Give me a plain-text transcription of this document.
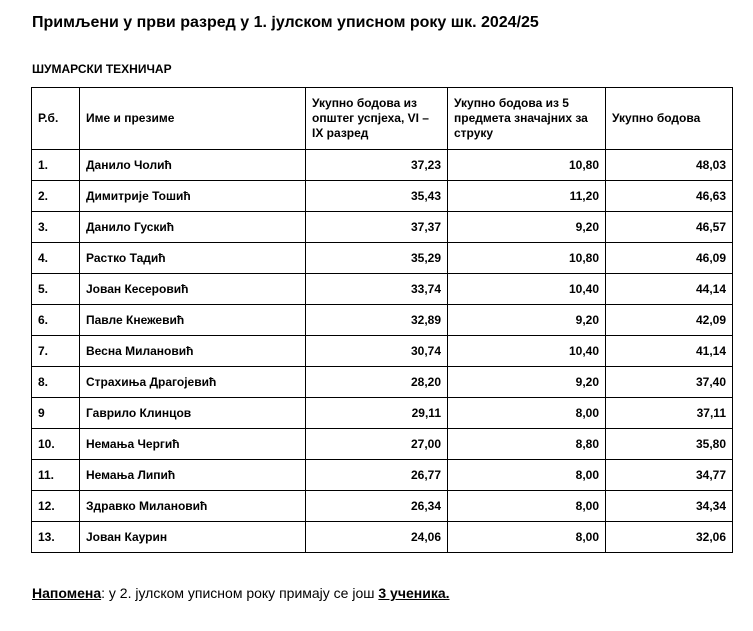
Примљени у први разред у 1. јулском уписном року шк. 2024/25
ШУМАРСКИ ТЕХНИЧАР
Р.б.	Име и презиме	Укупно бодова из општег успјеха, VI – IX разред	Укупно бодова из 5 предмета значајних за струку	Укупно бодова
1.	Данило Чолић	37,23	10,80	48,03
2.	Димитрије Тошић	35,43	11,20	46,63
3.	Данило Гускић	37,37	9,20	46,57
4.	Растко Тадић	35,29	10,80	46,09
5.	Јован Кесеровић	33,74	10,40	44,14
6.	Павле Кнежевић	32,89	9,20	42,09
7.	Весна Милановић	30,74	10,40	41,14
8.	Страхиња Драгојевић	28,20	9,20	37,40
9	Гаврило Клинцов	29,11	8,00	37,11
10.	Немања Чергић	27,00	8,80	35,80
11.	Немања Липић	26,77	8,00	34,77
12.	Здравко Милановић	26,34	8,00	34,34
13.	Јован Каурин	24,06	8,00	32,06
Напомена: у 2. јулском уписном року примају се још 3 ученика.
